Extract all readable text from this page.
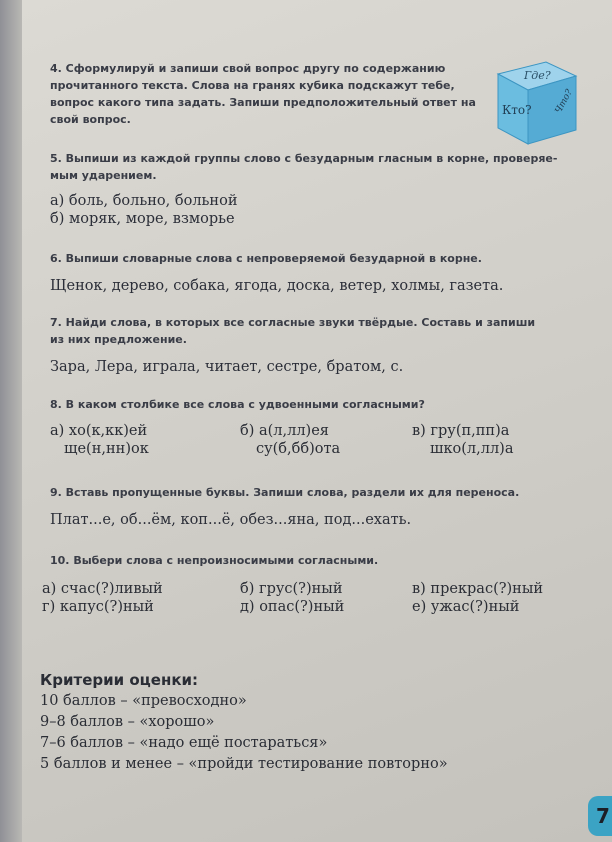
4. Сформулируй и запиши свой вопрос другу по содержанию

прочитанного текста. Слова на гранях кубика подскажут тебе,

вопрос какого типа задать. Запиши предположительный ответ на

свой вопрос.

Где?
Кто? Что?

5. Выпиши из каждой группы слово с безударным гласным в корне, проверяе-

мым ударением.

а) боль, больно, больной

б) моряк, море, взморье

6. Выпиши словарные слова с непроверяемой безударной в корне.

Щенок, дерево, собака, ягода, доска, ветер, холмы, газета.

7. Найди слова, в которых все согласные звуки твёрдые. Составь и запиши

из них предложение.

Зара, Лера, играла, читает, сестре, братом, с.

8. В каком столбике все слова с удвоенными согласными?

а) хо(к,кк)ей	б) а(л,лл)ея	в) гру(п,пп)а
ще(н,нн)ок	су(б,бб)ота	шко(л,лл)а

9. Вставь пропущенные буквы. Запиши слова, раздели их для переноса.

Плат...е, об...ём, коп...ё, обез...яна, под...ехать.

10. Выбери слова с непроизносимыми согласными.

а) счас(?)ливый	б) грус(?)ный	в) прекрас(?)ный
г) капус(?)ный	д) опас(?)ный	е) ужас(?)ный

Критерии оценки:

10 баллов – «превосходно»

9–8 баллов – «хорошо»

7–6 баллов – «надо ещё постараться»

5 баллов и менее – «пройди тестирование повторно»

7
